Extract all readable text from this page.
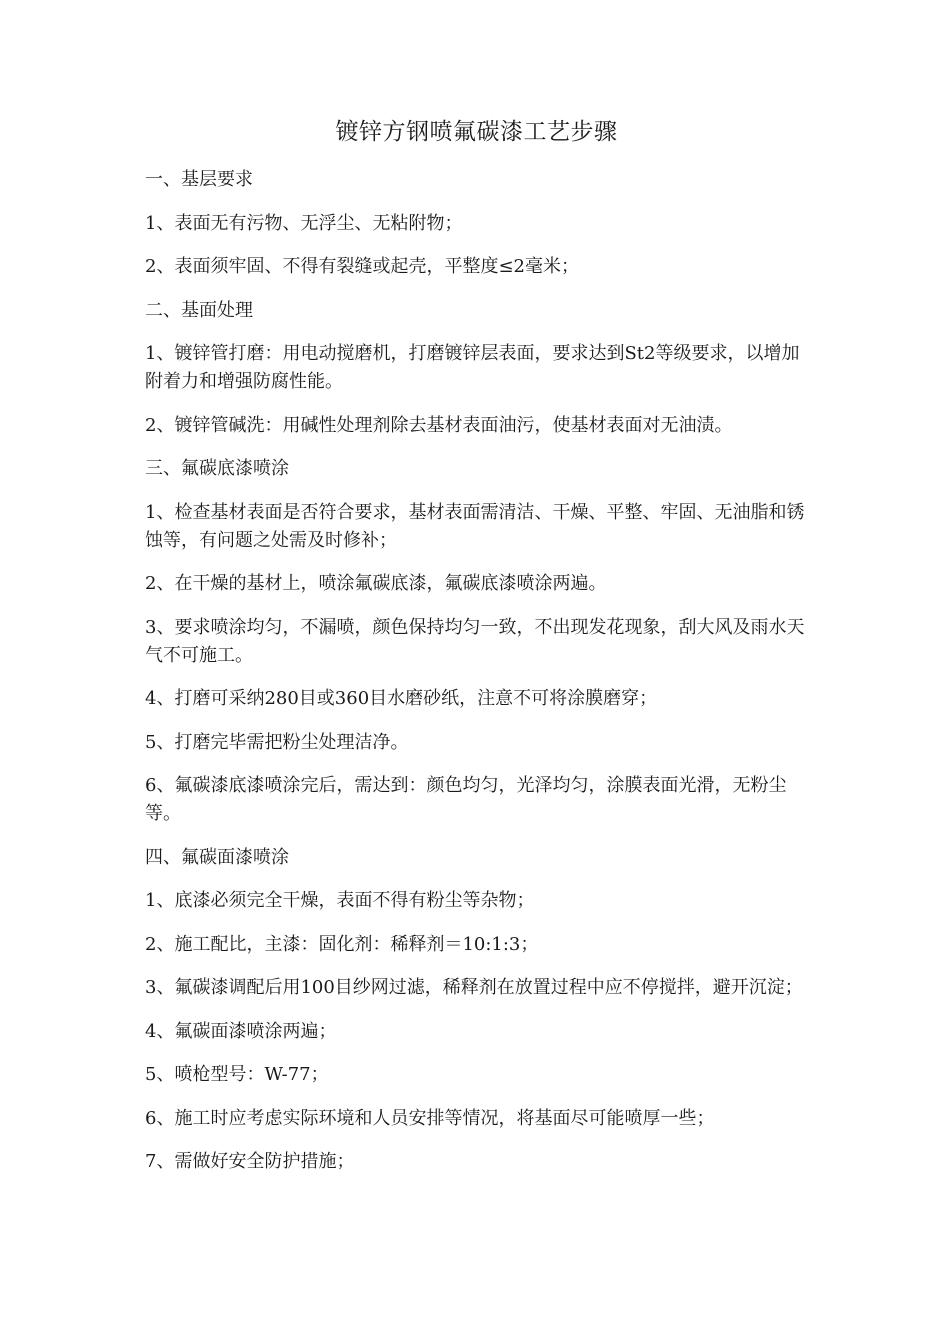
镀锌方钢喷氟碳漆工艺步骤

一、基层要求

1、表面无有污物、无浮尘、无粘附物；

2、表面须牢固、不得有裂缝或起壳，平整度≤2毫米；

二、基面处理

1、镀锌管打磨：用电动搅磨机，打磨镀锌层表面，要求达到St2等级要求，以增加附着力和增强防腐性能。

2、镀锌管碱洗：用碱性处理剂除去基材表面油污，使基材表面对无油渍。

三、氟碳底漆喷涂

1、检查基材表面是否符合要求，基材表面需清洁、干燥、平整、牢固、无油脂和锈蚀等，有问题之处需及时修补；

2、在干燥的基材上，喷涂氟碳底漆，氟碳底漆喷涂两遍。

3、要求喷涂均匀，不漏喷，颜色保持均匀一致，不出现发花现象，刮大风及雨水天气不可施工。

4、打磨可采纳280目或360目水磨砂纸，注意不可将涂膜磨穿；

5、打磨完毕需把粉尘处理洁净。

6、氟碳漆底漆喷涂完后，需达到：颜色均匀，光泽均匀，涂膜表面光滑，无粉尘等。

四、氟碳面漆喷涂

1、底漆必须完全干燥，表面不得有粉尘等杂物；

2、施工配比，主漆：固化剂：稀释剂＝10:1:3；

3、氟碳漆调配后用100目纱网过滤，稀释剂在放置过程中应不停搅拌，避开沉淀；

4、氟碳面漆喷涂两遍；

5、喷枪型号：W-77；

6、施工时应考虑实际环境和人员安排等情况，将基面尽可能喷厚一些；

7、需做好安全防护措施；
